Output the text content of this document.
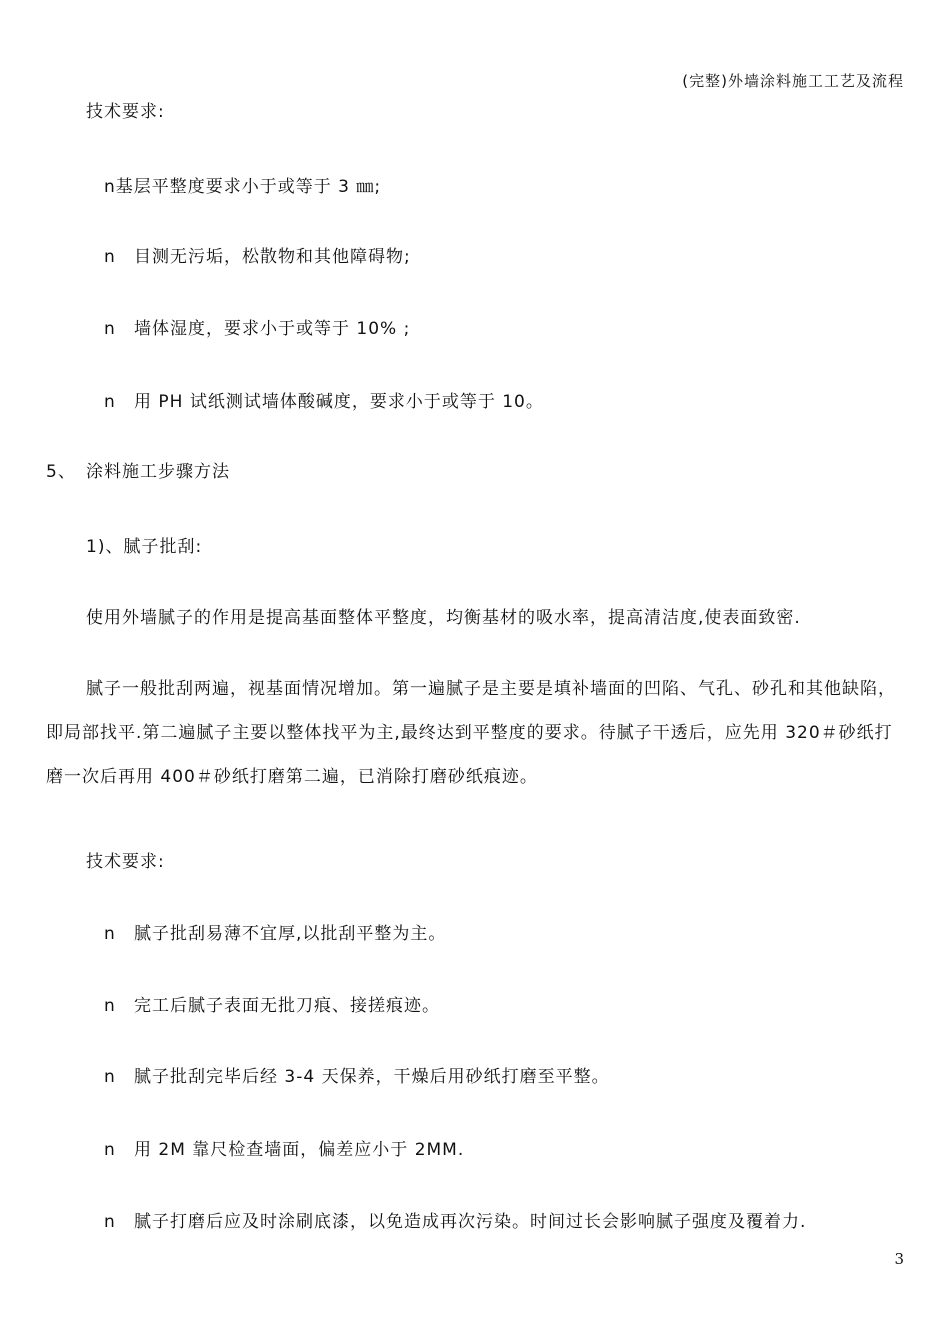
(完整)外墙涂料施工工艺及流程
技术要求:
n基层平整度要求小于或等于 3 ㎜;
n 目测无污垢，松散物和其他障碍物;
n 墙体湿度，要求小于或等于 10% ;
n 用 PH 试纸测试墙体酸碱度，要求小于或等于 10。
5、 涂料施工步骤方法
1)、腻子批刮:
使用外墙腻子的作用是提高基面整体平整度，均衡基材的吸水率，提高清洁度,使表面致密.
腻子一般批刮两遍，视基面情况增加。第一遍腻子是主要是填补墙面的凹陷、气孔、砂孔和其他缺陷，即局部找平.第二遍腻子主要以整体找平为主,最终达到平整度的要求。待腻子干透后，应先用 320＃砂纸打磨一次后再用 400＃砂纸打磨第二遍，已消除打磨砂纸痕迹。
技术要求:
n 腻子批刮易薄不宜厚,以批刮平整为主。
n 完工后腻子表面无批刀痕、接搓痕迹。
n 腻子批刮完毕后经 3-4 天保养，干燥后用砂纸打磨至平整。
n 用 2M 靠尺检查墙面，偏差应小于 2MM.
n 腻子打磨后应及时涂刷底漆，以免造成再次污染。时间过长会影响腻子强度及覆着力.
3
